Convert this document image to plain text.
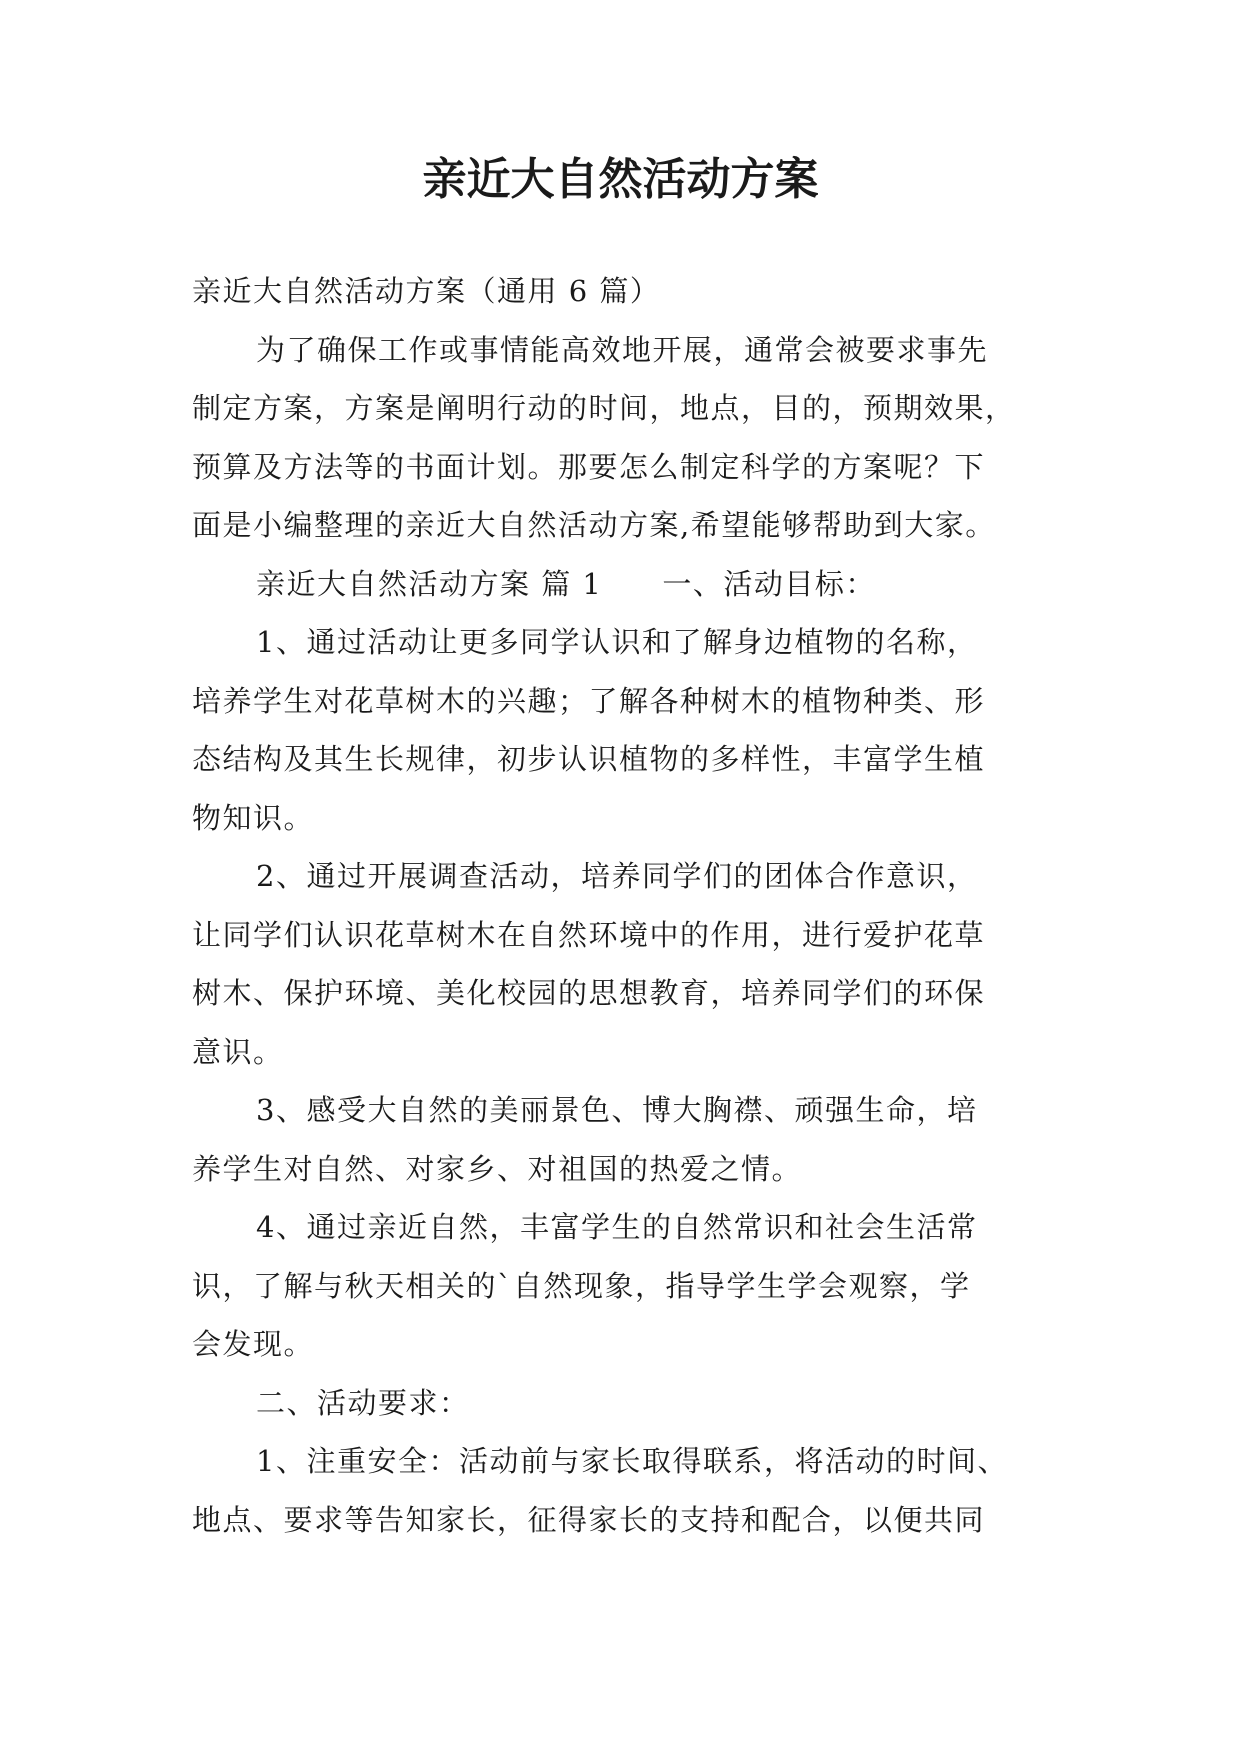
亲近大自然活动方案
亲近大自然活动方案（通用 6 篇）
为了确保工作或事情能高效地开展，通常会被要求事先
制定方案，方案是阐明行动的时间，地点，目的，预期效果，
预算及方法等的书面计划。那要怎么制定科学的方案呢？下
面是小编整理的亲近大自然活动方案,希望能够帮助到大家。
亲近大自然活动方案 篇 1 一、活动目标：
1、通过活动让更多同学认识和了解身边植物的名称，
培养学生对花草树木的兴趣；了解各种树木的植物种类、形
态结构及其生长规律，初步认识植物的多样性，丰富学生植
物知识。
2、通过开展调查活动，培养同学们的团体合作意识，
让同学们认识花草树木在自然环境中的作用，进行爱护花草
树木、保护环境、美化校园的思想教育，培养同学们的环保
意识。
3、感受大自然的美丽景色、博大胸襟、顽强生命，培
养学生对自然、对家乡、对祖国的热爱之情。
4、通过亲近自然，丰富学生的自然常识和社会生活常
识，了解与秋天相关的`自然现象，指导学生学会观察，学
会发现。
二、活动要求：
1、注重安全：活动前与家长取得联系，将活动的时间、
地点、要求等告知家长，征得家长的支持和配合，以便共同
